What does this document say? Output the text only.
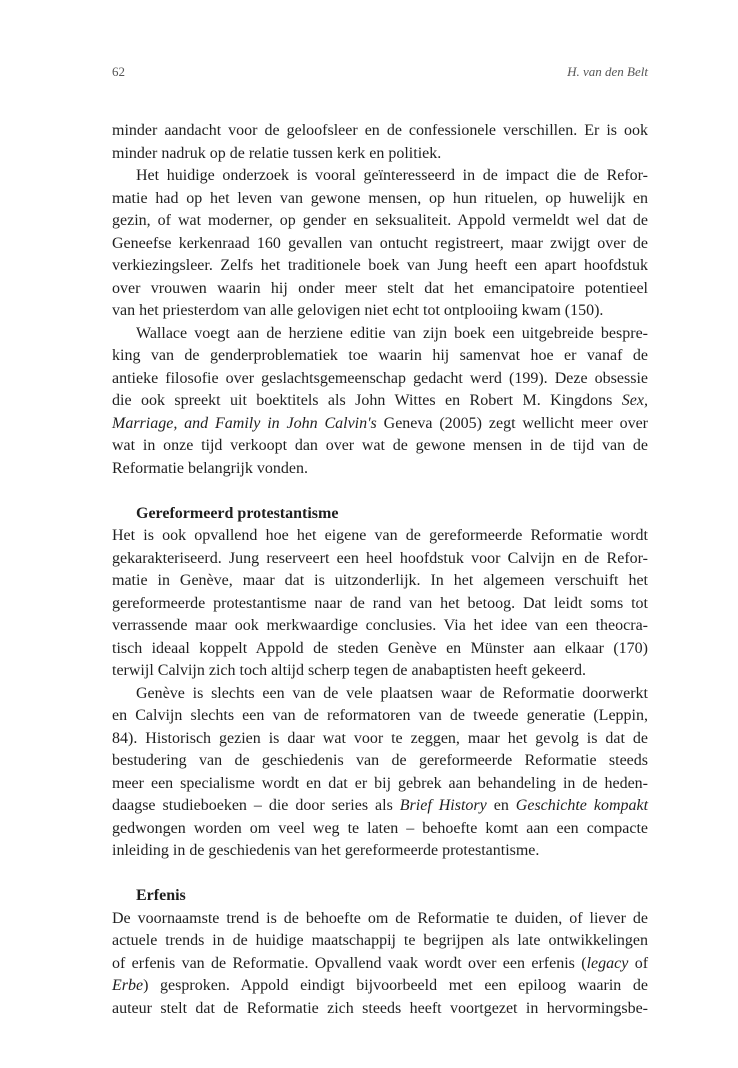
62	H. van den Belt
minder aandacht voor de geloofsleer en de confessionele verschillen. Er is ook
minder nadruk op de relatie tussen kerk en politiek.
Het huidige onderzoek is vooral geïnteresseerd in de impact die de Refor-
matie had op het leven van gewone mensen, op hun rituelen, op huwelijk en
gezin, of wat moderner, op gender en seksualiteit. Appold vermeldt wel dat de
Geneefse kerkenraad 160 gevallen van ontucht registreert, maar zwijgt over de
verkiezingsleer. Zelfs het traditionele boek van Jung heeft een apart hoofdstuk
over vrouwen waarin hij onder meer stelt dat het emancipatoire potentieel
van het priesterdom van alle gelovigen niet echt tot ontplooiing kwam (150).
Wallace voegt aan de herziene editie van zijn boek een uitgebreide bespre-
king van de genderproblematiek toe waarin hij samenvat hoe er vanaf de
antieke filosofie over geslachtsgemeenschap gedacht werd (199). Deze obsessie
die ook spreekt uit boektitels als John Wittes en Robert M. Kingdons Sex,
Marriage, and Family in John Calvin's Geneva (2005) zegt wellicht meer over
wat in onze tijd verkoopt dan over wat de gewone mensen in de tijd van de
Reformatie belangrijk vonden.
Gereformeerd protestantisme
Het is ook opvallend hoe het eigene van de gereformeerde Reformatie wordt
gekarakteriseerd. Jung reserveert een heel hoofdstuk voor Calvijn en de Refor-
matie in Genève, maar dat is uitzonderlijk. In het algemeen verschuift het
gereformeerde protestantisme naar de rand van het betoog. Dat leidt soms tot
verrassende maar ook merkwaardige conclusies. Via het idee van een theocra-
tisch ideaal koppelt Appold de steden Genève en Münster aan elkaar (170)
terwijl Calvijn zich toch altijd scherp tegen de anabaptisten heeft gekeerd.
Genève is slechts een van de vele plaatsen waar de Reformatie doorwerkt
en Calvijn slechts een van de reformatoren van de tweede generatie (Leppin,
84). Historisch gezien is daar wat voor te zeggen, maar het gevolg is dat de
bestudering van de geschiedenis van de gereformeerde Reformatie steeds
meer een specialisme wordt en dat er bij gebrek aan behandeling in de heden-
daagse studieboeken – die door series als Brief History en Geschichte kompakt
gedwongen worden om veel weg te laten – behoefte komt aan een compacte
inleiding in de geschiedenis van het gereformeerde protestantisme.
Erfenis
De voornaamste trend is de behoefte om de Reformatie te duiden, of liever de
actuele trends in de huidige maatschappij te begrijpen als late ontwikkelingen
of erfenis van de Reformatie. Opvallend vaak wordt over een erfenis (legacy of
Erbe) gesproken. Appold eindigt bijvoorbeeld met een epiloog waarin de
auteur stelt dat de Reformatie zich steeds heeft voortgezet in hervormingsbe-
